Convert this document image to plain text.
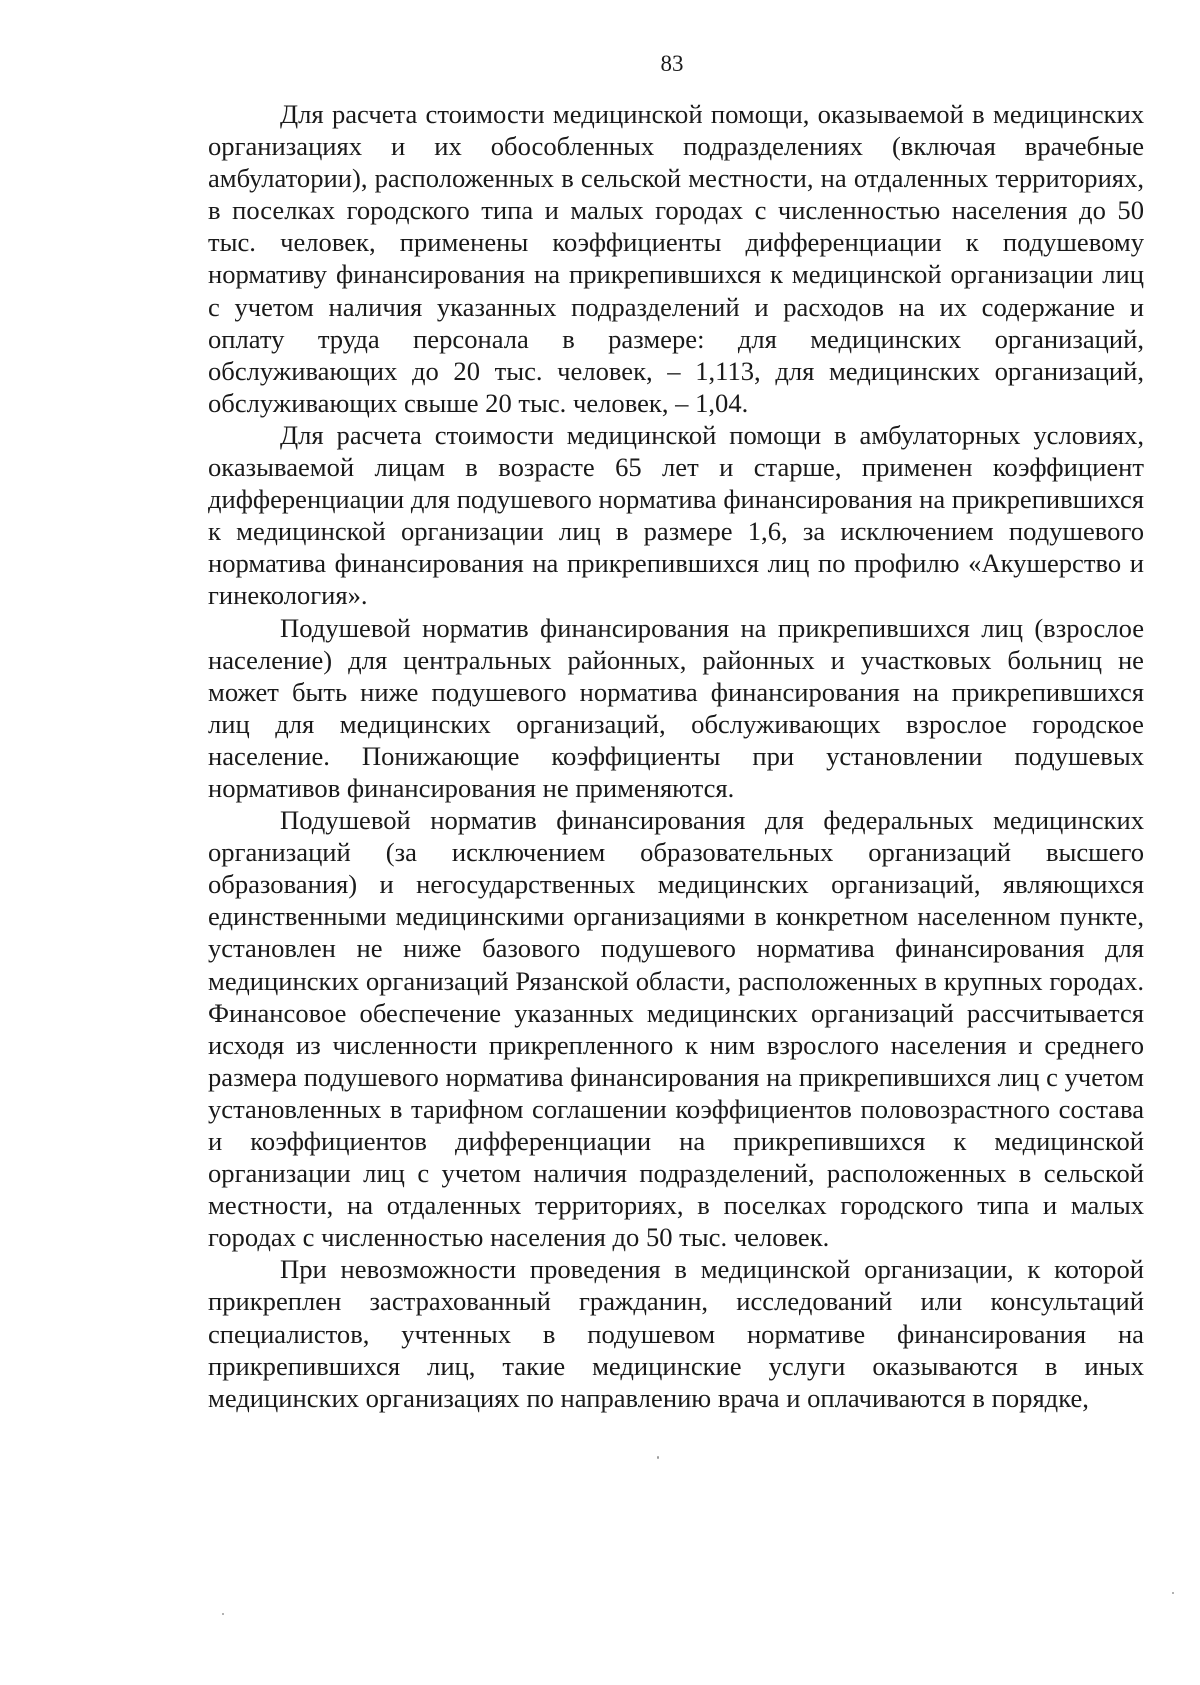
83

Для расчета стоимости медицинской помощи, оказываемой в медицинских организациях и их обособленных подразделениях (включая врачебные амбулатории), расположенных в сельской местности, на отдаленных территориях, в поселках городского типа и малых городах с численностью населения до 50 тыс. человек, применены коэффициенты дифференциации к подушевому нормативу финансирования на прикрепившихся к медицинской организации лиц с учетом наличия указанных подразделений и расходов на их содержание и оплату труда персонала в размере: для медицинских организаций, обслуживающих до 20 тыс. человек, – 1,113, для медицинских организаций, обслуживающих свыше 20 тыс. человек, – 1,04.

Для расчета стоимости медицинской помощи в амбулаторных условиях, оказываемой лицам в возрасте 65 лет и старше, применен коэффициент дифференциации для подушевого норматива финансирования на прикрепившихся к медицинской организации лиц в размере 1,6, за исключением подушевого норматива финансирования на прикрепившихся лиц по профилю «Акушерство и гинекология».

Подушевой норматив финансирования на прикрепившихся лиц (взрослое население) для центральных районных, районных и участковых больниц не может быть ниже подушевого норматива финансирования на прикрепившихся лиц для медицинских организаций, обслуживающих взрослое городское население. Понижающие коэффициенты при установлении подушевых нормативов финансирования не применяются.

Подушевой норматив финансирования для федеральных медицинских организаций (за исключением образовательных организаций высшего образования) и негосударственных медицинских организаций, являющихся единственными медицинскими организациями в конкретном населенном пункте, установлен не ниже базового подушевого норматива финансирования для медицинских организаций Рязанской области, расположенных в крупных городах. Финансовое обеспечение указанных медицинских организаций рассчитывается исходя из численности прикрепленного к ним взрослого населения и среднего размера подушевого норматива финансирования на прикрепившихся лиц с учетом установленных в тарифном соглашении коэффициентов половозрастного состава и коэффициентов дифференциации на прикрепившихся к медицинской организации лиц с учетом наличия подразделений, расположенных в сельской местности, на отдаленных территориях, в поселках городского типа и малых городах с численностью населения до 50 тыс. человек.

При невозможности проведения в медицинской организации, к которой прикреплен застрахованный гражданин, исследований или консультаций специалистов, учтенных в подушевом нормативе финансирования на прикрепившихся лиц, такие медицинские услуги оказываются в иных медицинских организациях по направлению врача и оплачиваются в порядке,
